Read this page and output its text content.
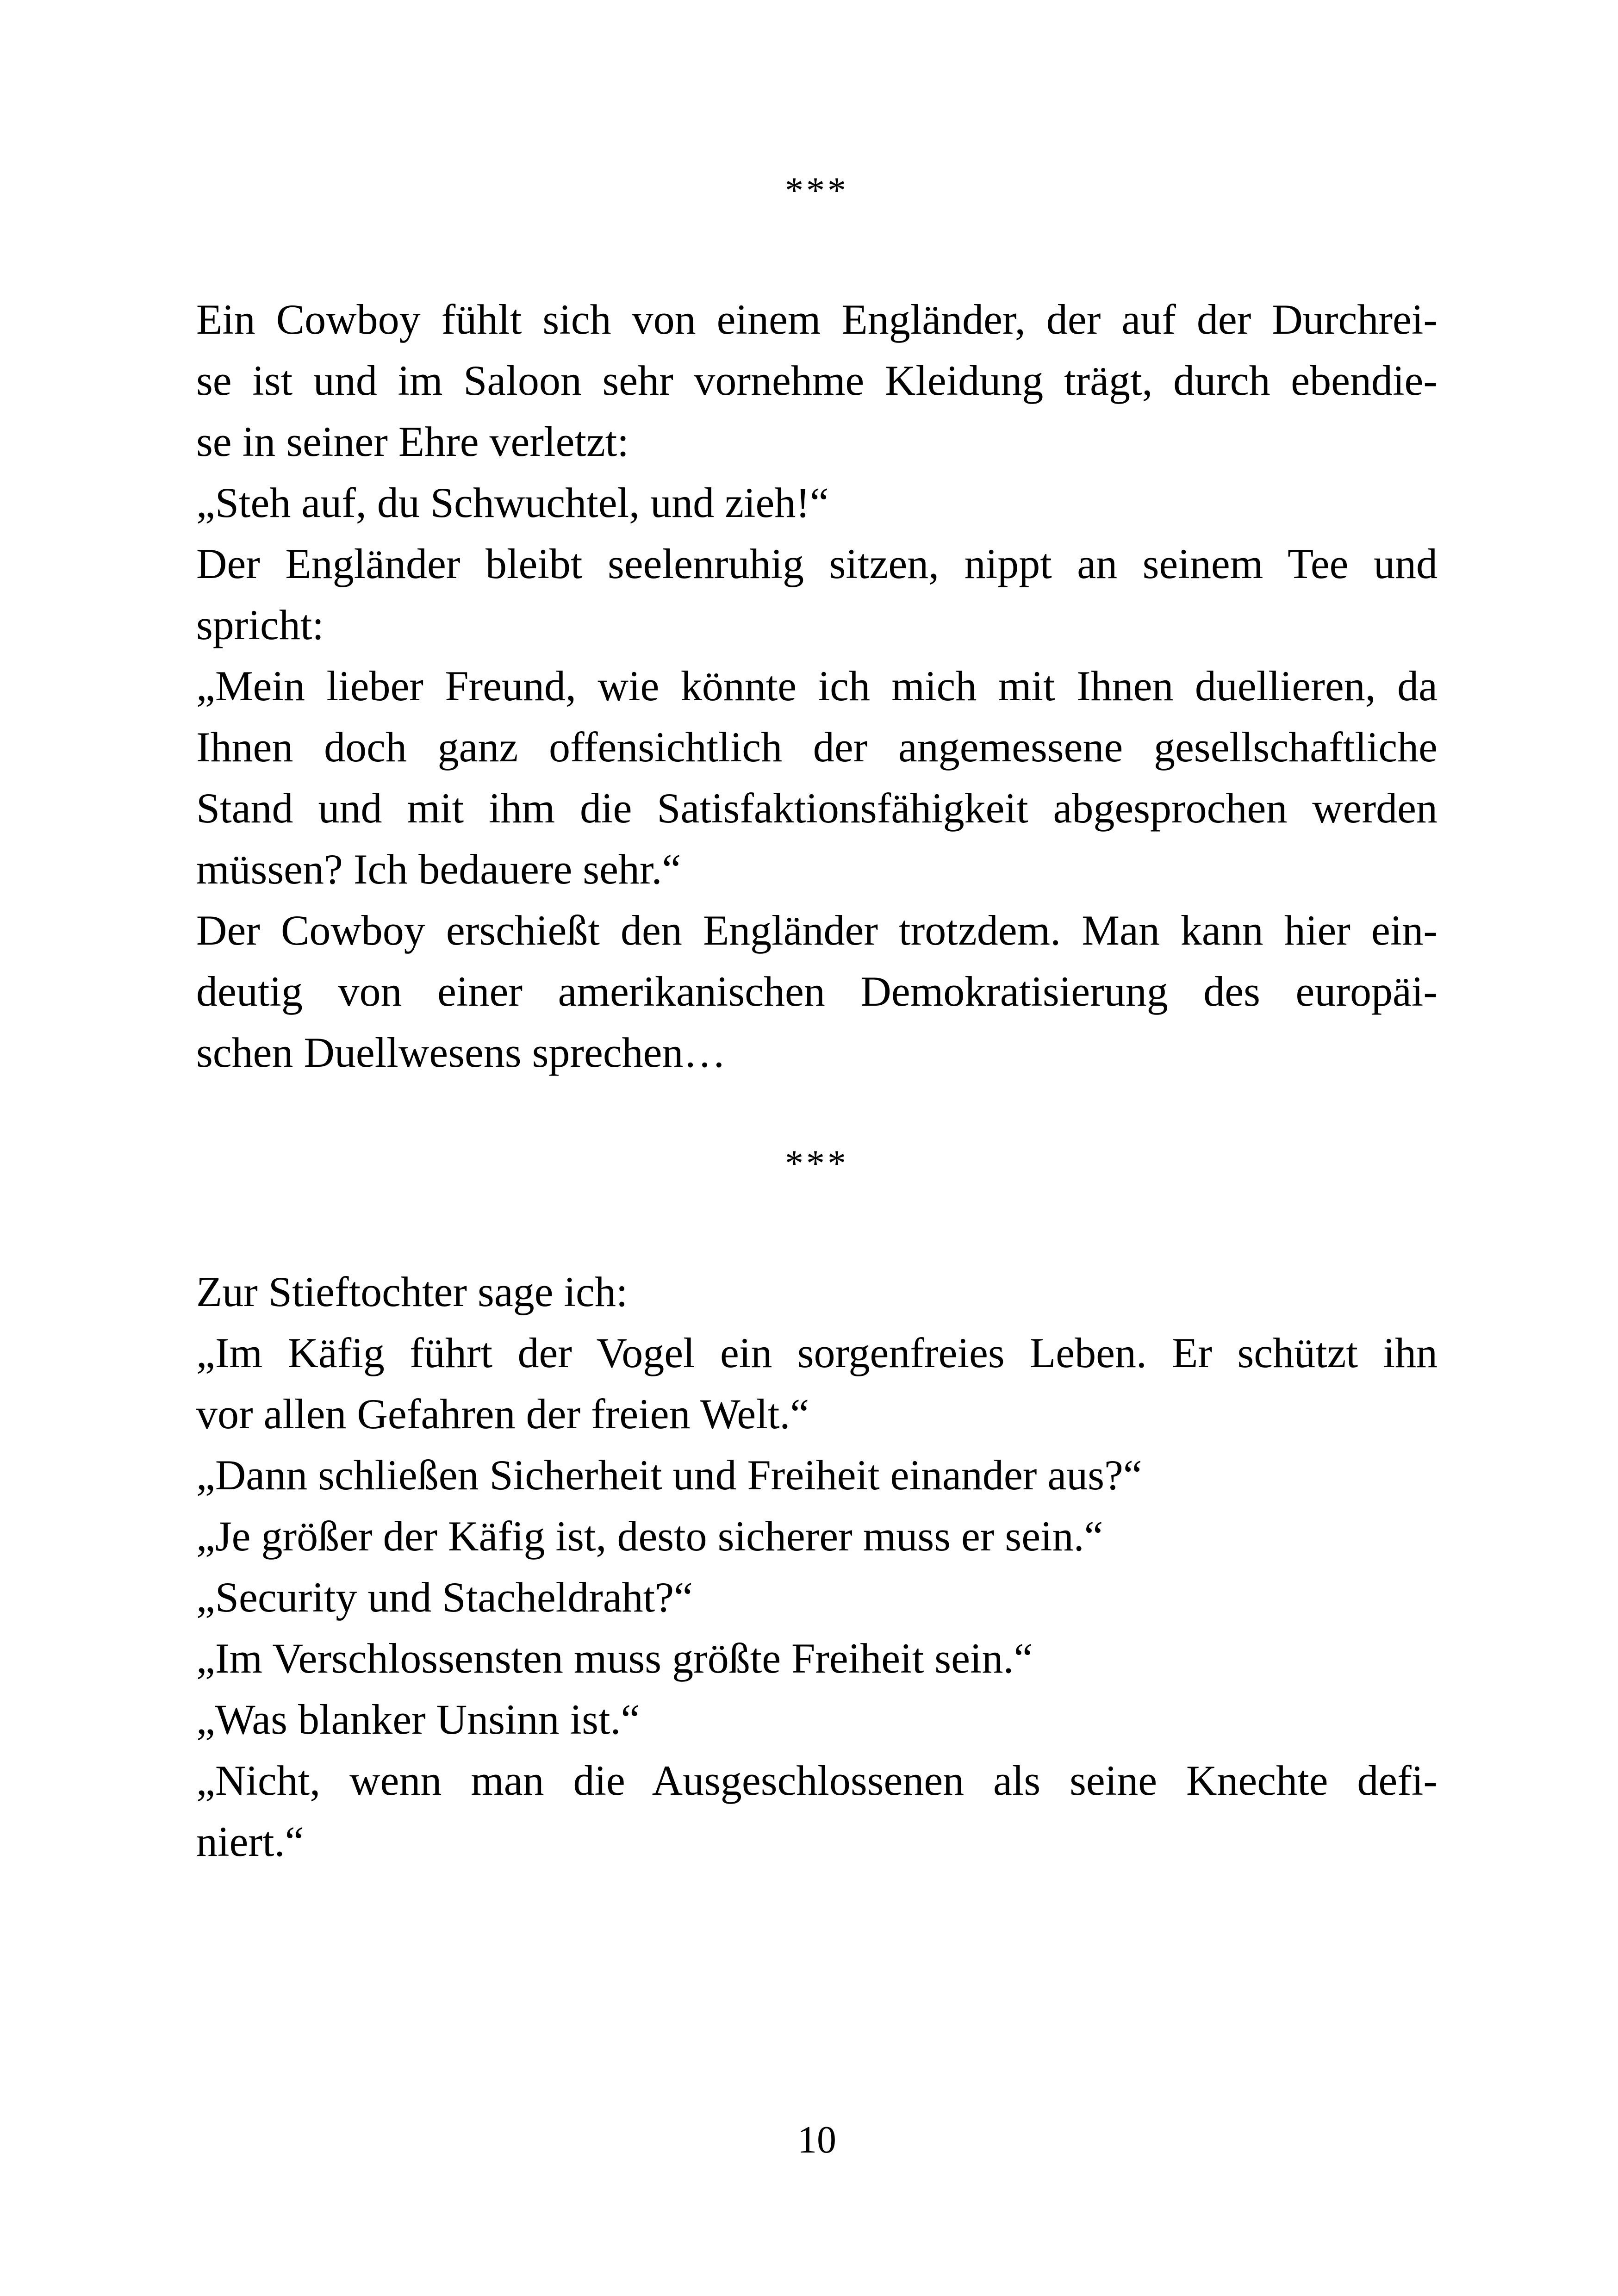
***
Ein Cowboy fühlt sich von einem Engländer, der auf der Durchrei-
se ist und im Saloon sehr vornehme Kleidung trägt, durch ebendie-
se in seiner Ehre verletzt:
„Steh auf, du Schwuchtel, und zieh!“
Der Engländer bleibt seelenruhig sitzen, nippt an seinem Tee und
spricht:
„Mein lieber Freund, wie könnte ich mich mit Ihnen duellieren, da
Ihnen doch ganz offensichtlich der angemessene gesellschaftliche
Stand und mit ihm die Satisfaktionsfähigkeit abgesprochen werden
müssen? Ich bedauere sehr.“
Der Cowboy erschießt den Engländer trotzdem. Man kann hier ein-
deutig von einer amerikanischen Demokratisierung des europäi-
schen Duellwesens sprechen…
***
Zur Stieftochter sage ich:
„Im Käfig führt der Vogel ein sorgenfreies Leben. Er schützt ihn
vor allen Gefahren der freien Welt.“
„Dann schließen Sicherheit und Freiheit einander aus?“
„Je größer der Käfig ist, desto sicherer muss er sein.“
„Security und Stacheldraht?“
„Im Verschlossensten muss größte Freiheit sein.“
„Was blanker Unsinn ist.“
„Nicht, wenn man die Ausgeschlossenen als seine Knechte defi-
niert.“
10
